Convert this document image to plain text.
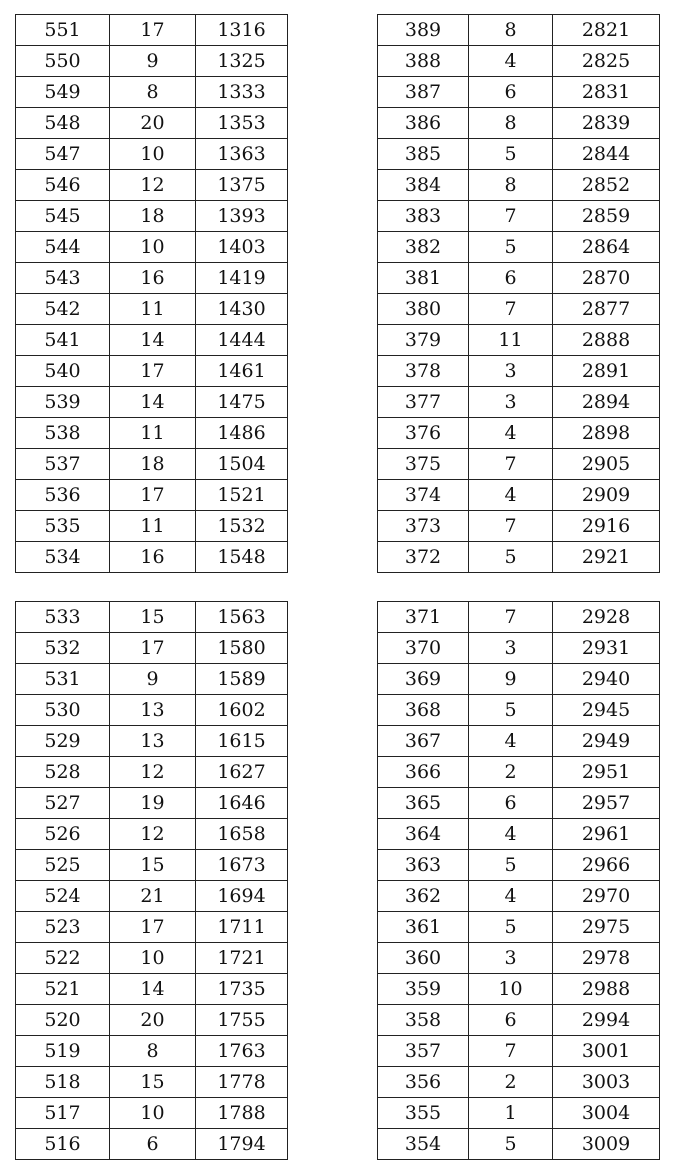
551	17	1316
550	9	1325
549	8	1333
548	20	1353
547	10	1363
546	12	1375
545	18	1393
544	10	1403
543	16	1419
542	11	1430
541	14	1444
540	17	1461
539	14	1475
538	11	1486
537	18	1504
536	17	1521
535	11	1532
534	16	1548
389	8	2821
388	4	2825
387	6	2831
386	8	2839
385	5	2844
384	8	2852
383	7	2859
382	5	2864
381	6	2870
380	7	2877
379	11	2888
378	3	2891
377	3	2894
376	4	2898
375	7	2905
374	4	2909
373	7	2916
372	5	2921
533	15	1563
532	17	1580
531	9	1589
530	13	1602
529	13	1615
528	12	1627
527	19	1646
526	12	1658
525	15	1673
524	21	1694
523	17	1711
522	10	1721
521	14	1735
520	20	1755
519	8	1763
518	15	1778
517	10	1788
516	6	1794
371	7	2928
370	3	2931
369	9	2940
368	5	2945
367	4	2949
366	2	2951
365	6	2957
364	4	2961
363	5	2966
362	4	2970
361	5	2975
360	3	2978
359	10	2988
358	6	2994
357	7	3001
356	2	3003
355	1	3004
354	5	3009
